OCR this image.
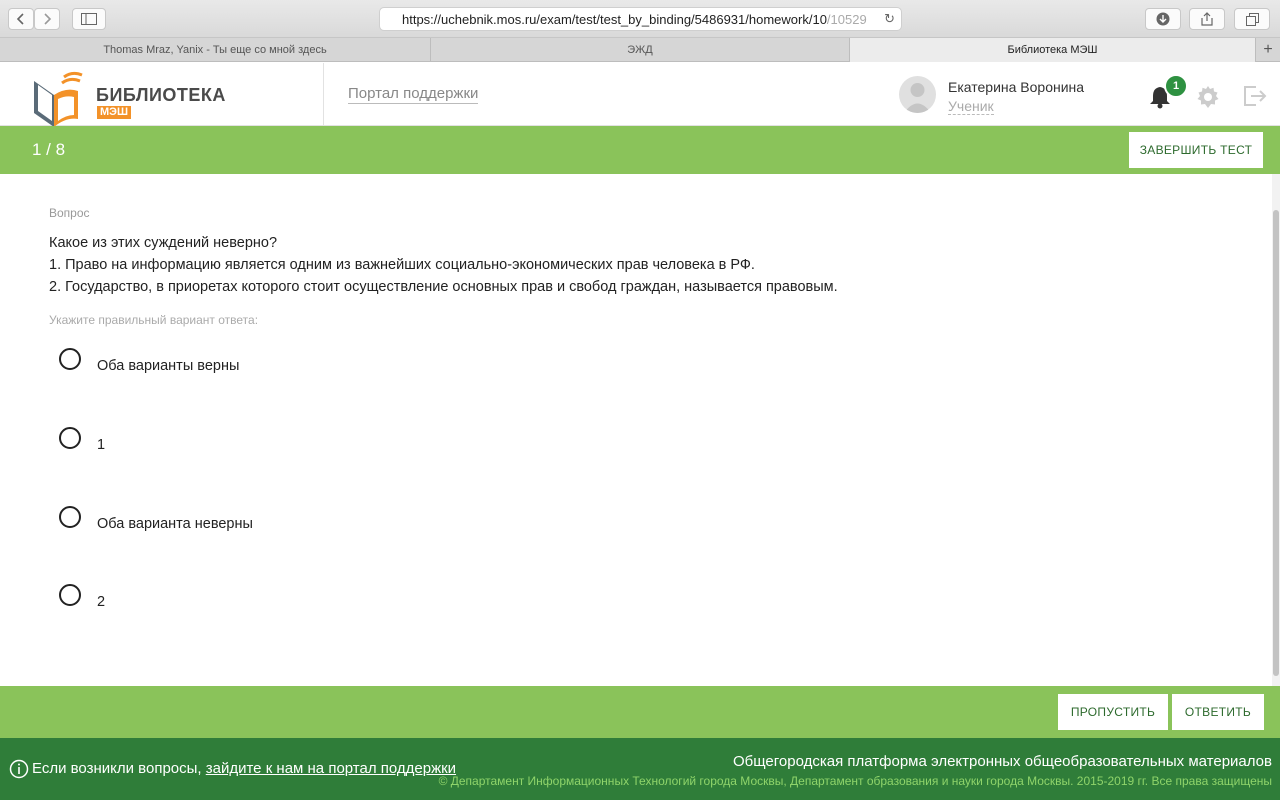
https://uchebnik.mos.ru/exam/test/test_by_binding/5486931/homework/10 /10529 ↻
Thomas Mraz, Yanix - Ты еще со мной здесь	ЭЖД	Библиотека МЭШ	+
БИБЛИОТЕКА
МЭШ
Портал поддержки	Екатерина Воронина
Ученик
1
1 / 8	ЗАВЕРШИТЬ ТЕСТ
Вопрос
Какое из этих суждений неверно?
1. Право на информацию является одним из важнейших социально-экономических прав человека в РФ.
2. Государство, в приоретах которого стоит осуществление основных прав и свобод граждан, называется правовым.
Укажите правильный вариант ответа:
Оба варианты верны
1
Оба варианта неверны
2
ПРОПУСТИТЬ	ОТВЕТИТЬ
Если возникли вопросы, зайдите к нам на портал поддержки	Общегородская платформа электронных общеобразовательных материалов
© Департамент Информационных Технологий города Москвы, Департамент образования и науки города Москвы. 2015-2019 гг. Все права защищены
